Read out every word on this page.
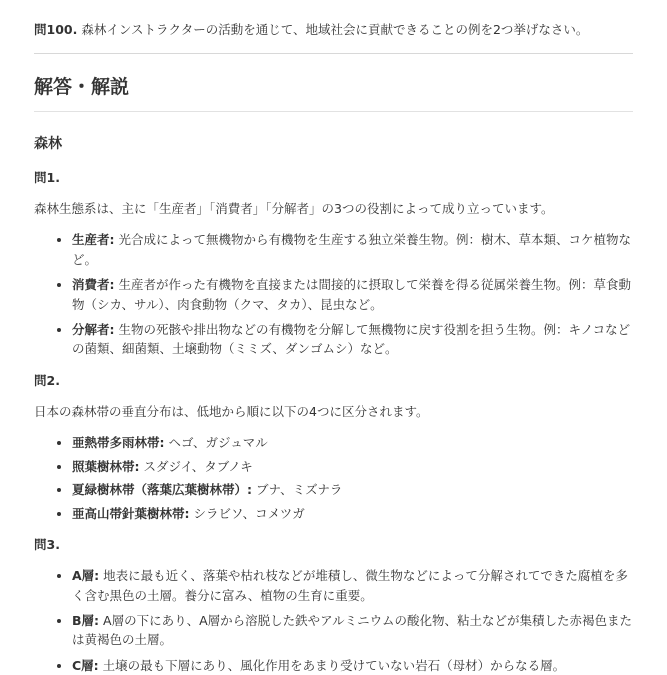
問100. 森林インストラクターの活動を通じて、地域社会に貢献できることの例を2つ挙げなさい。

解答・解説
森林
問1.

森林生態系は、主に「生産者」「消費者」「分解者」の3つの役割によって成り立っています。

• 生産者: 光合成によって無機物から有機物を生産する独立栄養生物。例：樹木、草本類、コケ植物など。
• 消費者: 生産者が作った有機物を直接または間接的に摂取して栄養を得る従属栄養生物。例：草食動物（シカ、サル）、肉食動物（クマ、タカ）、昆虫など。
• 分解者: 生物の死骸や排出物などの有機物を分解して無機物に戻す役割を担う生物。例：キノコなどの菌類、細菌類、土壌動物（ミミズ、ダンゴムシ）など。
問2.

日本の森林帯の垂直分布は、低地から順に以下の4つに区分されます。

• 亜熱帯多雨林帯: ヘゴ、ガジュマル
• 照葉樹林帯: スダジイ、タブノキ
• 夏緑樹林帯（落葉広葉樹林帯）: ブナ、ミズナラ
• 亜高山帯針葉樹林帯: シラビソ、コメツガ
問3.
• A層: 地表に最も近く、落葉や枯れ枝などが堆積し、微生物などによって分解されてできた腐植を多く含む黒色の土層。養分に富み、植物の生育に重要。
• B層: A層の下にあり、A層から溶脱した鉄やアルミニウムの酸化物、粘土などが集積した赤褐色または黄褐色の土層。
• C層: 土壌の最も下層にあり、風化作用をあまり受けていない岩石（母材）からなる層。
